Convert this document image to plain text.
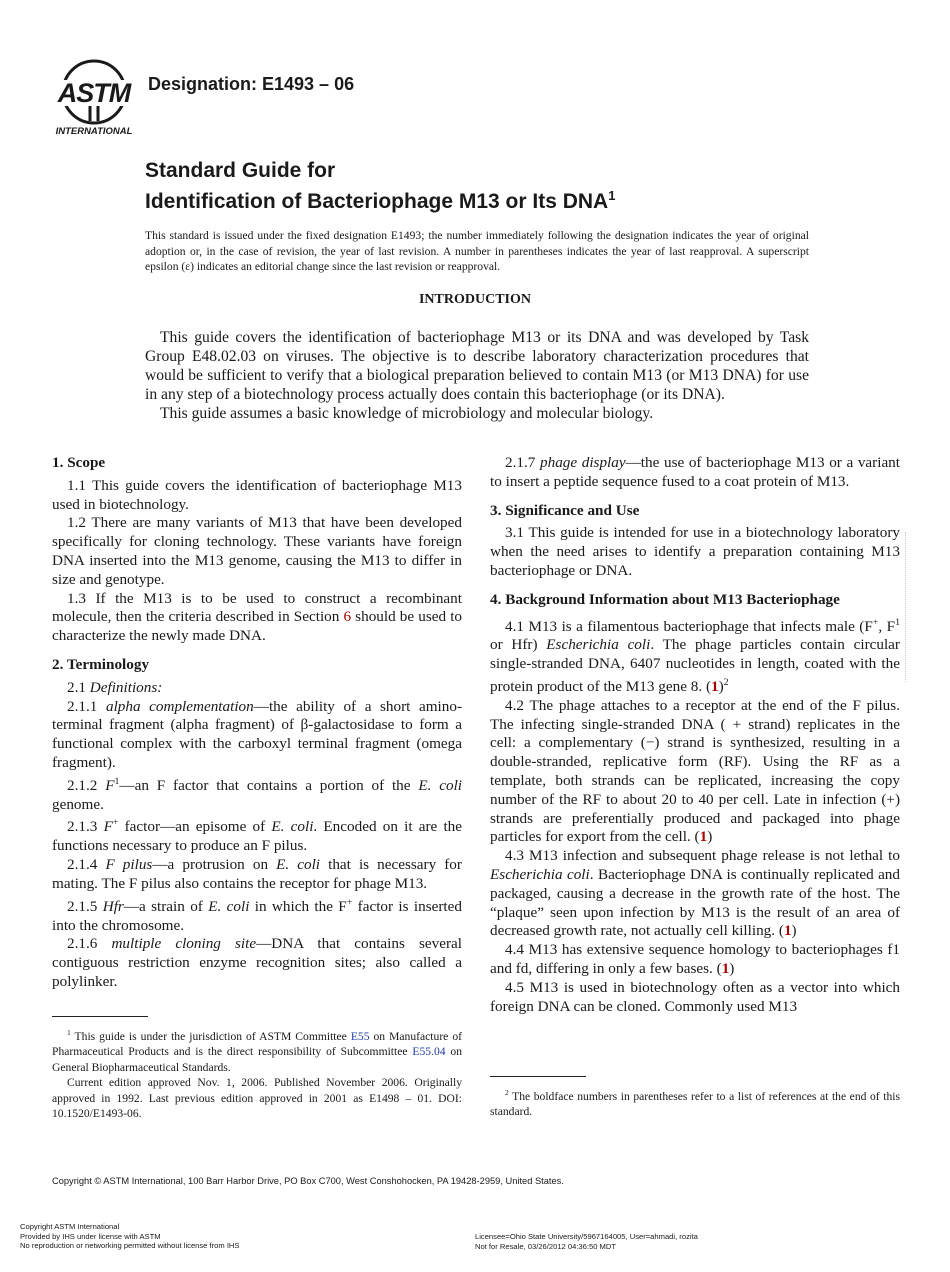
ASTM
INTERNATIONAL
Designation: E1493 – 06
Standard Guide for
Identification of Bacteriophage M13 or Its DNA$^1$
This standard is issued under the fixed designation E1493; the number immediately following the designation indicates the year of original adoption or, in the case of revision, the year of last revision. A number in parentheses indicates the year of last reapproval. A superscript epsilon (ε) indicates an editorial change since the last revision or reapproval.
INTRODUCTION

This guide covers the identification of bacteriophage M13 or its DNA and was developed by Task Group E48.02.03 on viruses. The objective is to describe laboratory characterization procedures that would be sufficient to verify that a biological preparation believed to contain M13 (or M13 DNA) for use in any step of a biotechnology process actually does contain this bacteriophage (or its DNA).

This guide assumes a basic knowledge of microbiology and molecular biology.

1. Scope

1.1 This guide covers the identification of bacteriophage M13 used in biotechnology.

1.2 There are many variants of M13 that have been developed specifically for cloning technology. These variants have foreign DNA inserted into the M13 genome, causing the M13 to differ in size and genotype.

1.3 If the M13 is to be used to construct a recombinant molecule, then the criteria described in Section 6 should be used to characterize the newly made DNA.

2. Terminology

2.1 Definitions:

2.1.1 alpha complementation—the ability of a short amino-terminal fragment (alpha fragment) of β-galactosidase to form a functional complex with the carboxyl terminal fragment (omega fragment).

2.1.2 $F^1—an$ F factor that contains a portion of the E. coli genome.

2.1.3 F+ factor—an episome of E. coli. Encoded on it are the functions necessary to produce an F pilus.

2.1.4 F pilus—a protrusion on E. coli that is necessary for mating. The F pilus also contains the receptor for phage M13.

2.1.5 Hfr—a strain of E. coli in which the F+ factor is inserted into the chromosome.

2.1.6 multiple cloning site—DNA that contains several contiguous restriction enzyme recognition sites; also called a polylinker.

2.1.7 phage display—the use of bacteriophage M13 or a variant to insert a peptide sequence fused to a coat protein of M13.

3. Significance and Use

3.1 This guide is intended for use in a biotechnology laboratory when the need arises to identify a preparation containing M13 bacteriophage or DNA.

4. Background Information about M13 Bacteriophage

4.1 M13 is a filamentous bacteriophage that infects male (F+, $F^1$ or Hfr) Escherichia coli. The phage particles contain circular single-stranded DNA, 6407 nucleotides in length, coated with the protein product of the M13 gene 8. $(1)^2$

4.2 The phage attaches to a receptor at the end of the F pilus. The infecting single-stranded DNA ( + strand) replicates in the cell: a complementary (−) strand is synthesized, resulting in a double-stranded, replicative form (RF). Using the RF as a template, both strands can be replicated, increasing the copy number of the RF to about 20 to 40 per cell. Late in infection (+) strands are preferentially produced and packaged into phage particles for export from the cell. (1)

4.3 M13 infection and subsequent phage release is not lethal to Escherichia coli. Bacteriophage DNA is continually replicated and packaged, causing a decrease in the growth rate of the host. The “plaque” seen upon infection by M13 is the result of an area of decreased growth rate, not actually cell killing. (1)

4.4 M13 has extensive sequence homology to bacteriophages f1 and fd, differing in only a few bases. (1)

4.5 M13 is used in biotechnology often as a vector into which foreign DNA can be cloned. Commonly used M13

$^1$ This guide is under the jurisdiction of ASTM Committee E55 on Manufacture of Pharmaceutical Products and is the direct responsibility of Subcommittee E55.04 on General Biopharmaceutical Standards.

Current edition approved Nov. 1, 2006. Published November 2006. Originally approved in 1992. Last previous edition approved in 2001 as E1498 – 01. DOI: 10.1520/E1493-06.

$^2$ The boldface numbers in parentheses refer to a list of references at the end of this standard.

Copyright © ASTM International, 100 Barr Harbor Drive, PO Box C700, West Conshohocken, PA 19428-2959, United States.
Copyright ASTM International
Provided by IHS under license with ASTM
No reproduction or networking permitted without license from IHS
Licensee=Ohio State University/5967164005, User=ahmadi, rozita
Not for Resale, 03/26/2012 04:36:50 MDT
